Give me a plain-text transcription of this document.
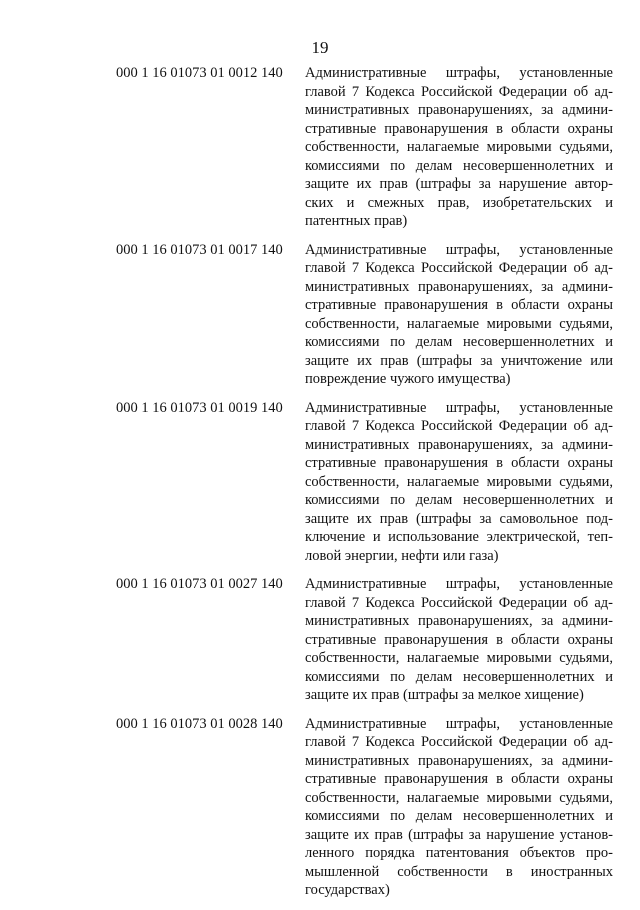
19
000 1 16 01073 01 0012 140 Административные штрафы, установленные
главой 7 Кодекса Российской Федерации об ад-
министративных правонарушениях, за админи-
стративные правонарушения в области охраны
собственности, налагаемые мировыми судьями,
комиссиями по делам несовершеннолетних и
защите их прав (штрафы за нарушение автор-
ских и смежных прав, изобретательских и
патентных прав)
000 1 16 01073 01 0017 140 Административные штрафы, установленные
главой 7 Кодекса Российской Федерации об ад-
министративных правонарушениях, за админи-
стративные правонарушения в области охраны
собственности, налагаемые мировыми судьями,
комиссиями по делам несовершеннолетних и
защите их прав (штрафы за уничтожение или
повреждение чужого имущества)
000 1 16 01073 01 0019 140 Административные штрафы, установленные
главой 7 Кодекса Российской Федерации об ад-
министративных правонарушениях, за админи-
стративные правонарушения в области охраны
собственности, налагаемые мировыми судьями,
комиссиями по делам несовершеннолетних и
защите их прав (штрафы за самовольное под-
ключение и использование электрической, теп-
ловой энергии, нефти или газа)
000 1 16 01073 01 0027 140 Административные штрафы, установленные
главой 7 Кодекса Российской Федерации об ад-
министративных правонарушениях, за админи-
стративные правонарушения в области охраны
собственности, налагаемые мировыми судьями,
комиссиями по делам несовершеннолетних и
защите их прав (штрафы за мелкое хищение)
000 1 16 01073 01 0028 140 Административные штрафы, установленные
главой 7 Кодекса Российской Федерации об ад-
министративных правонарушениях, за админи-
стративные правонарушения в области охраны
собственности, налагаемые мировыми судьями,
комиссиями по делам несовершеннолетних и
защите их прав (штрафы за нарушение установ-
ленного порядка патентования объектов про-
мышленной собственности в иностранных
государствах)
